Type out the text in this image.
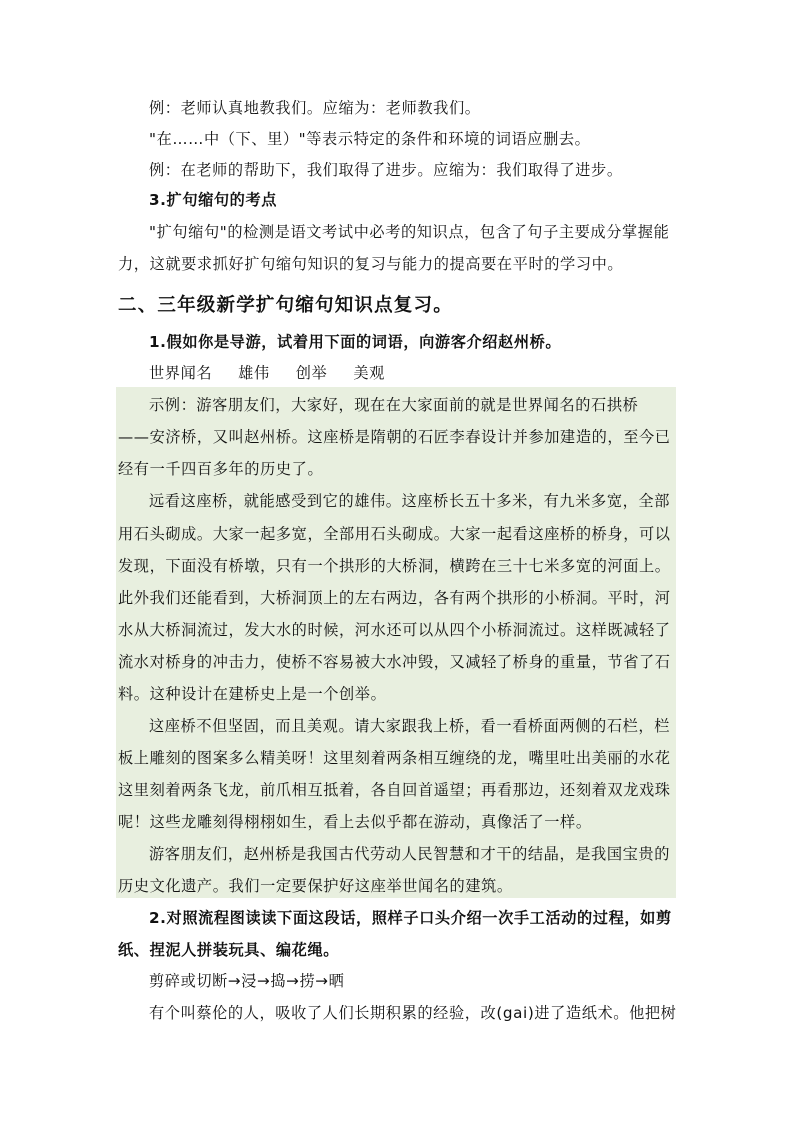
例：老师认真地教我们。应缩为：老师教我们。
"在……中（下、里）"等表示特定的条件和环境的词语应删去。
例：在老师的帮助下，我们取得了进步。应缩为：我们取得了进步。
3.扩句缩句的考点
"扩句缩句"的检测是语文考试中必考的知识点，包含了句子主要成分掌握能
力，这就要求抓好扩句缩句知识的复习与能力的提高要在平时的学习中。
二、三年级新学扩句缩句知识点复习。
1.假如你是导游，试着用下面的词语，向游客介绍赵州桥。
世界闻名 雄伟 创举 美观
示例：游客朋友们，大家好，现在在大家面前的就是世界闻名的石拱桥
——安济桥，又叫赵州桥。这座桥是隋朝的石匠李春设计并参加建造的，至今已
经有一千四百多年的历史了。
远看这座桥，就能感受到它的雄伟。这座桥长五十多米，有九米多宽，全部
用石头砌成。大家一起多宽，全部用石头砌成。大家一起看这座桥的桥身，可以
发现，下面没有桥墩，只有一个拱形的大桥洞，横跨在三十七米多宽的河面上。
此外我们还能看到，大桥洞顶上的左右两边，各有两个拱形的小桥洞。平时，河
水从大桥洞流过，发大水的时候，河水还可以从四个小桥洞流过。这样既减轻了
流水对桥身的冲击力，使桥不容易被大水冲毁，又减轻了桥身的重量，节省了石
料。这种设计在建桥史上是一个创举。
这座桥不但坚固，而且美观。请大家跟我上桥，看一看桥面两侧的石栏，栏
板上雕刻的图案多么精美呀！这里刻着两条相互缠绕的龙，嘴里吐出美丽的水花
这里刻着两条飞龙，前爪相互抵着，各自回首遥望；再看那边，还刻着双龙戏珠
呢！这些龙雕刻得栩栩如生，看上去似乎都在游动，真像活了一样。
游客朋友们，赵州桥是我国古代劳动人民智慧和才干的结晶，是我国宝贵的
历史文化遗产。我们一定要保护好这座举世闻名的建筑。
2.对照流程图读读下面这段话，照样子口头介绍一次手工活动的过程，如剪
纸、捏泥人拼装玩具、编花绳。
剪碎或切断→浸→捣→捞→晒
有个叫蔡伦的人，吸收了人们长期积累的经验，改(gai)进了造纸术。他把树
